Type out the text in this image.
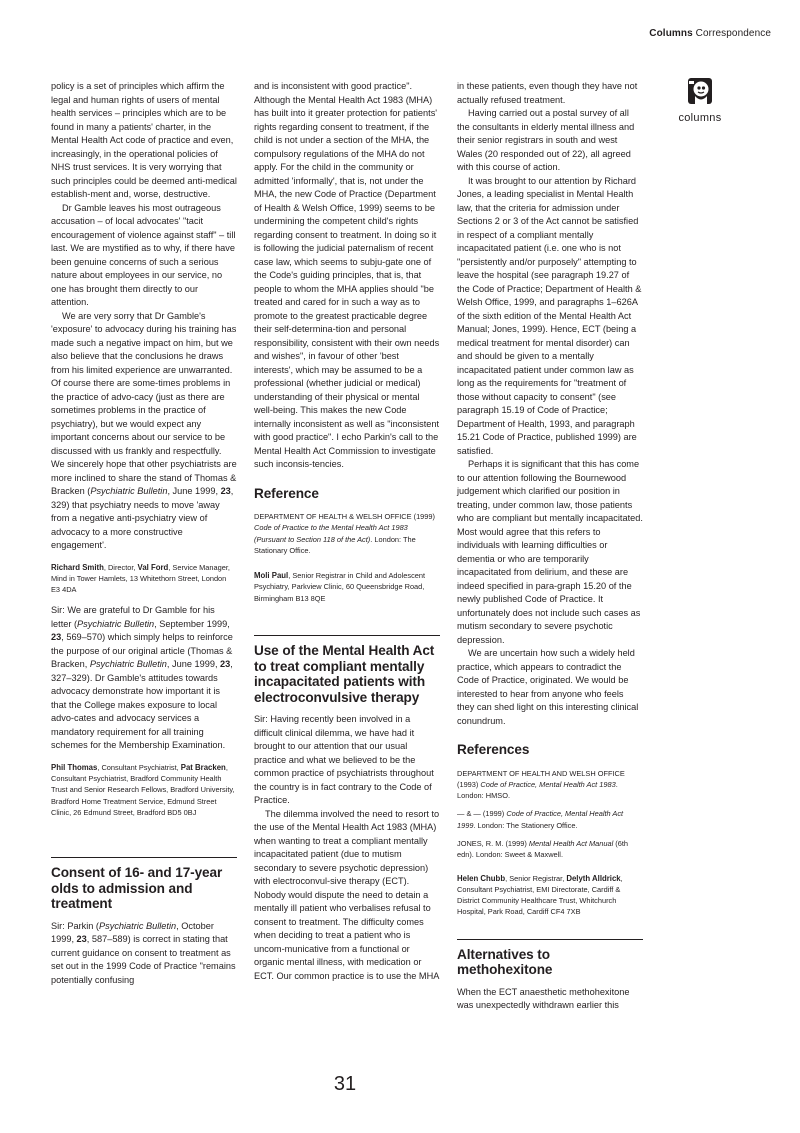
Columns Correspondence
columns

policy is a set of principles which affirm the legal and human rights of users of mental health services – principles which are to be found in many a patients' charter, in the Mental Health Act code of practice and even, increasingly, in the operational policies of NHS trust services. It is very worrying that such principles could be deemed anti-medical establish-ment and, worse, destructive.

Dr Gamble leaves his most outrageous accusation – of local advocates' "tacit encouragement of violence against staff" – till last. We are mystified as to why, if there have been genuine concerns of such a serious nature about employees in our service, no one has brought them directly to our attention.

We are very sorry that Dr Gamble's 'exposure' to advocacy during his training has made such a negative impact on him, but we also believe that the conclusions he draws from his limited experience are unwarranted. Of course there are some-times problems in the practice of advo-cacy (just as there are sometimes problems in the practice of psychiatry), but we would expect any important concerns about our service to be discussed with us frankly and respectfully. We sincerely hope that other psychiatrists are more inclined to share the stand of Thomas & Bracken (Psychiatric Bulletin, June 1999, 23, 329) that psychiatry needs to move 'away from a negative anti-psychiatry view of advocacy to a more constructive engagement'.

Richard Smith, Director, Val Ford, Service Manager, Mind in Tower Hamlets, 13 Whitethorn Street, London E3 4DA

Sir: We are grateful to Dr Gamble for his letter (Psychiatric Bulletin, September 1999, 23, 569–570) which simply helps to reinforce the purpose of our original article (Thomas & Bracken, Psychiatric Bulletin, June 1999, 23, 327–329). Dr Gamble's attitudes towards advocacy demonstrate how important it is that the College makes exposure to local advo-cates and advocacy services a mandatory requirement for all training schemes for the Membership Examination.

Phil Thomas, Consultant Psychiatrist, Pat Bracken, Consultant Psychiatrist, Bradford Community Health Trust and Senior Research Fellows, Bradford University, Bradford Home Treatment Service, Edmund Street Clinic, 26 Edmund Street, Bradford BD5 0BJ

Consent of 16- and 17-year olds to admission and treatment

Sir: Parkin (Psychiatric Bulletin, October 1999, 23, 587–589) is correct in stating that current guidance on consent to treatment as set out in the 1999 Code of Practice "remains potentially confusing

and is inconsistent with good practice". Although the Mental Health Act 1983 (MHA) has built into it greater protection for patients' rights regarding consent to treatment, if the child is not under a section of the MHA, the compulsory regulations of the MHA do not apply. For the child in the community or admitted 'informally', that is, not under the MHA, the new Code of Practice (Department of Health & Welsh Office, 1999) seems to be undermining the competent child's rights regarding consent to treatment. In doing so it is following the judicial paternalism of recent case law, which seems to subju-gate one of the Code's guiding principles, that is, that people to whom the MHA applies should "be treated and cared for in such a way as to promote to the greatest practicable degree their self-determina-tion and personal responsibility, consistent with their own needs and wishes", in favour of other 'best interests', which may be assumed to be a professional (whether judicial or medical) understanding of their physical or mental well-being. This makes the new Code internally inconsistent as well as "inconsistent with good practice". I echo Parkin's call to the Mental Health Act Commission to investigate such inconsis-tencies.

Reference

DEPARTMENT OF HEALTH & WELSH OFFICE (1999) Code of Practice to the Mental Health Act 1983 (Pursuant to Section 118 of the Act). London: The Stationary Office.

Moli Paul, Senior Registrar in Child and Adolescent Psychiatry, Parkview Clinic, 60 Queensbridge Road, Birmingham B13 8QE

Use of the Mental Health Act to treat compliant mentally incapacitated patients with electroconvulsive therapy

Sir: Having recently been involved in a difficult clinical dilemma, we have had it brought to our attention that our usual practice and what we believed to be the common practice of psychiatrists throughout the country is in fact contrary to the Code of Practice.

The dilemma involved the need to resort to the use of the Mental Health Act 1983 (MHA) when wanting to treat a compliant mentally incapacitated patient (due to mutism secondary to severe psychotic depression) with electroconvul-sive therapy (ECT). Nobody would dispute the need to detain a mentally ill patient who verbalises refusal to consent to treatment. The difficulty comes when deciding to treat a patient who is uncom-municative from a functional or organic mental illness, with medication or ECT. Our common practice is to use the MHA

in these patients, even though they have not actually refused treatment.

Having carried out a postal survey of all the consultants in elderly mental illness and their senior registrars in south and west Wales (20 responded out of 22), all agreed with this course of action.

It was brought to our attention by Richard Jones, a leading specialist in Mental Health law, that the criteria for admission under Sections 2 or 3 of the Act cannot be satisfied in respect of a compliant mentally incapacitated patient (i.e. one who is not "persistently and/or purposely" attempting to leave the hospital (see paragraph 19.27 of the Code of Practice; Department of Health & Welsh Office, 1999, and paragraphs 1–626A of the sixth edition of the Mental Health Act Manual; Jones, 1999). Hence, ECT (being a medical treatment for mental disorder) can and should be given to a mentally incapacitated patient under common law as long as the requirements for "treatment of those without capacity to consent" (see paragraph 15.19 of Code of Practice; Department of Health, 1993, and paragraph 15.21 Code of Practice, published 1999) are satisfied.

Perhaps it is significant that this has come to our attention following the Bournewood judgement which clarified our position in treating, under common law, those patients who are compliant but mentally incapacitated. Most would agree that this refers to individuals with learning difficulties or dementia or who are temporarily incapacitated from delirium, and these are indeed specified in para-graph 15.20 of the newly published Code of Practice. It unfortunately does not include such cases as mutism secondary to severe psychotic depression.

We are uncertain how such a widely held practice, which appears to contradict the Code of Practice, originated. We would be interested to hear from anyone who feels they can shed light on this interesting clinical conundrum.

References

DEPARTMENT OF HEALTH AND WELSH OFFICE (1993) Code of Practice, Mental Health Act 1983. London: HMSO.

— & — (1999) Code of Practice, Mental Health Act 1999. London: The Stationery Office.

JONES, R. M. (1999) Mental Health Act Manual (6th edn). London: Sweet & Maxwell.

Helen Chubb, Senior Registrar, Delyth Alldrick, Consultant Psychiatrist, EMI Directorate, Cardiff & District Community Healthcare Trust, Whitchurch Hospital, Park Road, Cardiff CF4 7XB

Alternatives to methohexitone

When the ECT anaesthetic methohexitone was unexpectedly withdrawn earlier this

31
